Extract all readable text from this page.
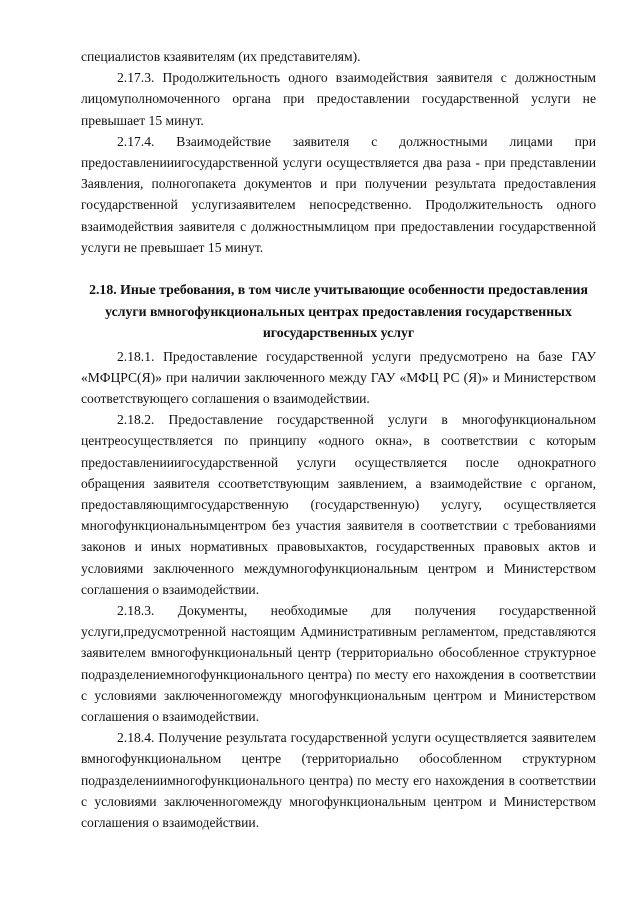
специалистов кзаявителям (их представителям).

2.17.3. Продолжительность одного взаимодействия заявителя с должностным лицомуполномоченного органа при предоставлении государственной услуги не превышает 15 минут.

2.17.4. Взаимодействие заявителя с должностными лицами при предоставленииигосударственной услуги осуществляется два раза - при представлении Заявления, полногопакета документов и при получении результата предоставления государственной услугизаявителем непосредственно. Продолжительность одного взаимодействия заявителя с должностнымлицом при предоставлении государственной услуги не превышает 15 минут.

2.18. Иные требования, в том числе учитывающие особенности предоставления услуги вмногофункциональных центрах предоставления государственных игосударственных услуг

2.18.1. Предоставление государственной услуги предусмотрено на базе ГАУ «МФЦРС(Я)» при наличии заключенного между ГАУ «МФЦ РС (Я)» и Министерством соответствующего соглашения о взаимодействии.

2.18.2. Предоставление государственной услуги в многофункциональном центреосуществляется по принципу «одного окна», в соответствии с которым предоставленииигосударственной услуги осуществляется после однократного обращения заявителя ссоответствующим заявлением, а взаимодействие с органом, предоставляющимгосударственную (государственную) услугу, осуществляется многофункциональнымцентром без участия заявителя в соответствии с требованиями законов и иных нормативных правовыхактов, государственных правовых актов и условиями заключенного междумногофункциональным центром и Министерством соглашения о взаимодействии.

2.18.3. Документы, необходимые для получения государственной услуги,предусмотренной настоящим Административным регламентом, представляются заявителем вмногофункциональный центр (территориально обособленное структурное подразделениемногофункционального центра) по месту его нахождения в соответствии с условиями заключенногомежду многофункциональным центром и Министерством соглашения о взаимодействии.

2.18.4. Получение результата государственной услуги осуществляется заявителем вмногофункциональном центре (территориально обособленном структурном подразделениимногофункционального центра) по месту его нахождения в соответствии с условиями заключенногомежду многофункциональным центром и Министерством соглашения о взаимодействии.
